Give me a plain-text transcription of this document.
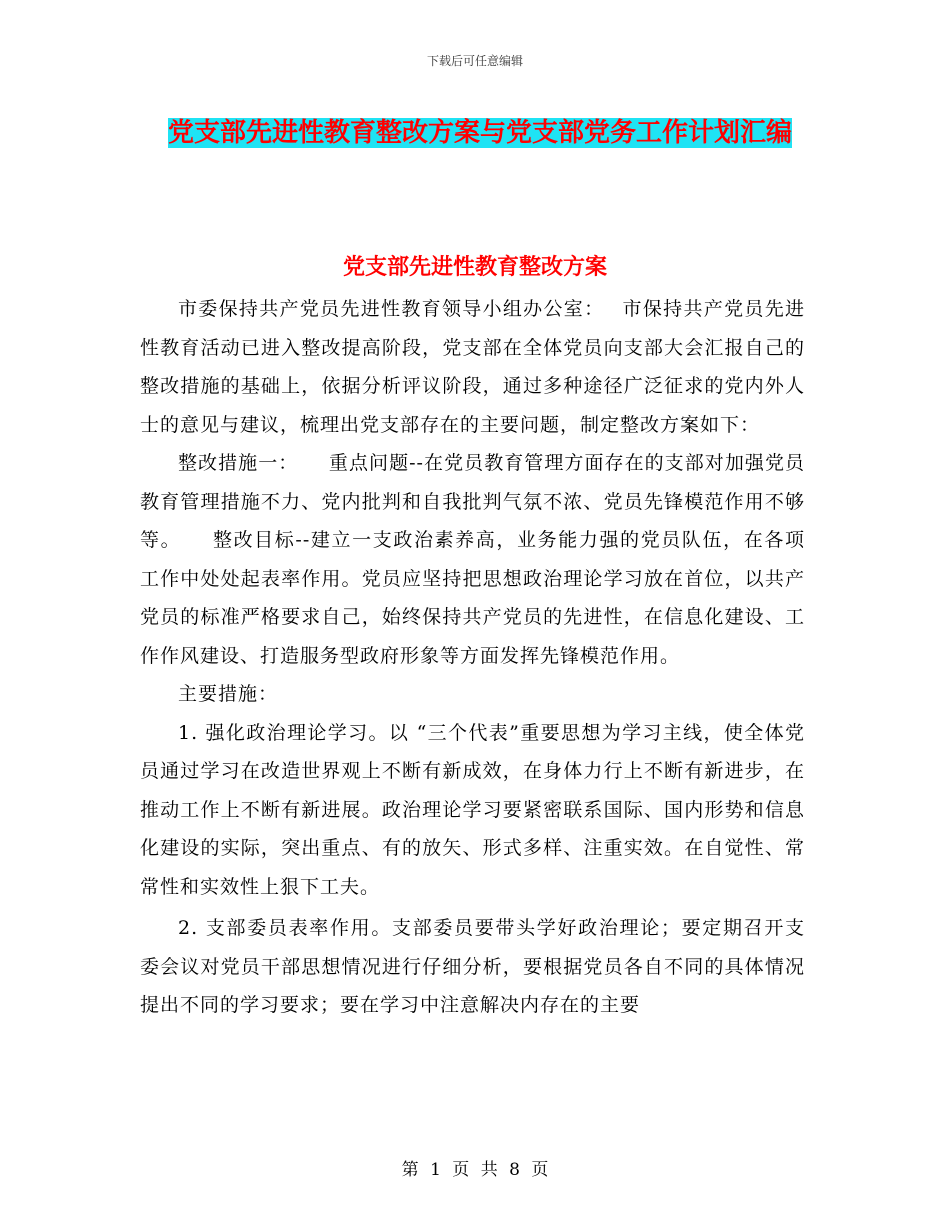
下载后可任意编辑
党支部先进性教育整改方案与党支部党务工作计划汇编
党支部先进性教育整改方案

市委保持共产党员先进性教育领导小组办公室：　 市保持共产党员先进性教育活动已进入整改提高阶段，党支部在全体党员向支部大会汇报自己的整改措施的基础上，依据分析评议阶段，通过多种途径广泛征求的党内外人士的意见与建议，梳理出党支部存在的主要问题，制定整改方案如下：

整改措施一：　　重点问题--在党员教育管理方面存在的支部对加强党员教育管理措施不力、党内批判和自我批判气氛不浓、党员先锋模范作用不够等。　　整改目标--建立一支政治素养高，业务能力强的党员队伍，在各项工作中处处起表率作用。党员应坚持把思想政治理论学习放在首位，以共产党员的标准严格要求自己，始终保持共产党员的先进性，在信息化建设、工作作风建设、打造服务型政府形象等方面发挥先锋模范作用。

主要措施：

1. 强化政治理论学习。以 “三个代表”重要思想为学习主线，使全体党员通过学习在改造世界观上不断有新成效，在身体力行上不断有新进步，在推动工作上不断有新进展。政治理论学习要紧密联系国际、国内形势和信息化建设的实际，突出重点、有的放矢、形式多样、注重实效。在自觉性、常常性和实效性上狠下工夫。

2. 支部委员表率作用。支部委员要带头学好政治理论；要定期召开支委会议对党员干部思想情况进行仔细分析，要根据党员各自不同的具体情况提出不同的学习要求；要在学习中注意解决内存在的主要

第 1 页 共 8 页
